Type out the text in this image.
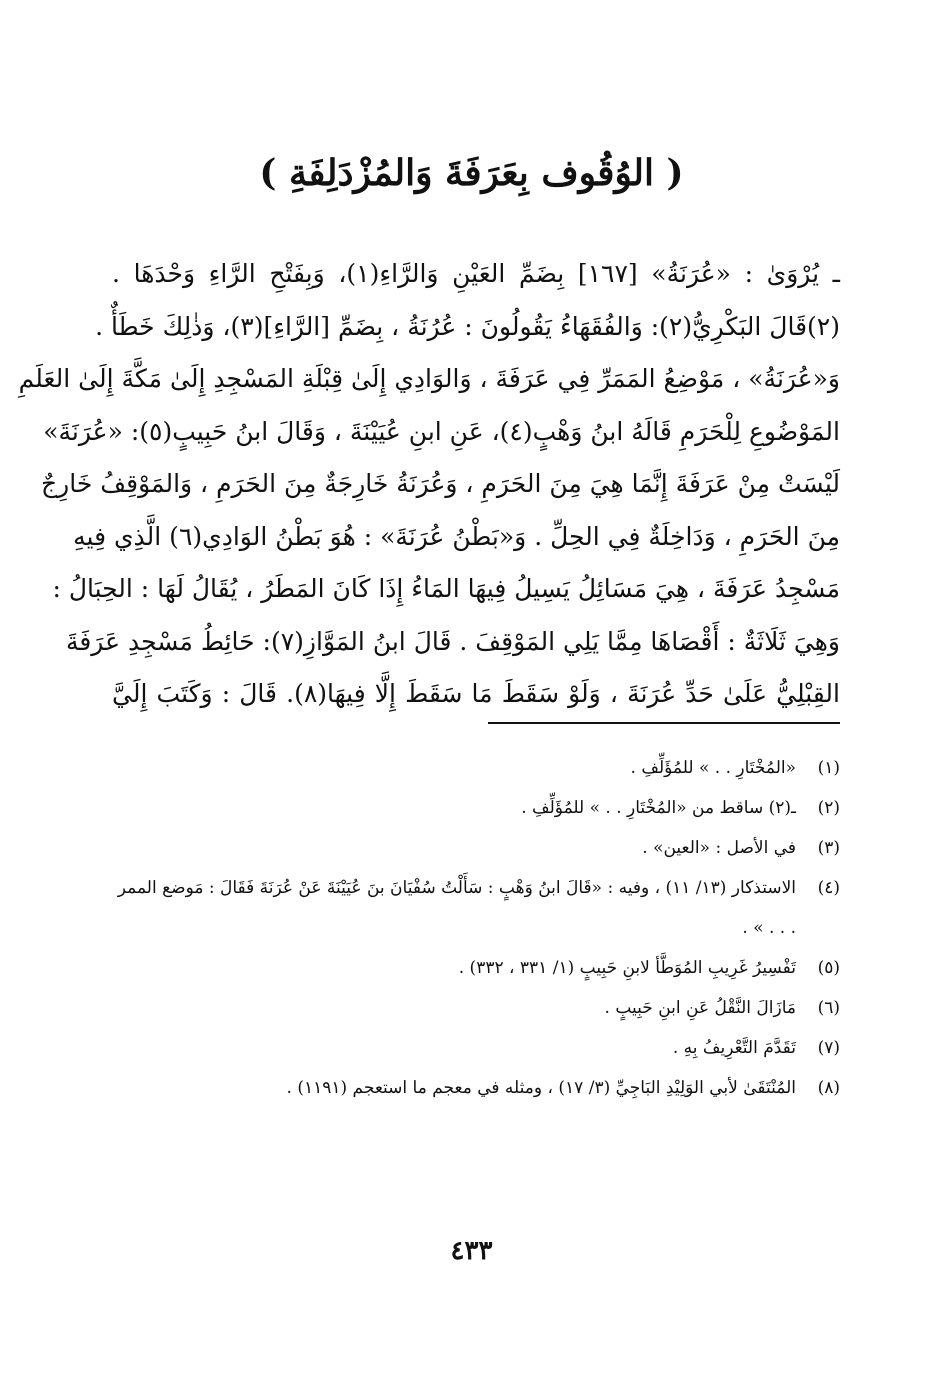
( الوُقُوف بِعَرَفَةَ وَالمُزْدَلِفَةِ )
ـ يُرْوَىٰ : «عُرَنَةُ» [١٦٧] بِضَمِّ العَيْنِ وَالرَّاءِ(١)، وَبِفَتْحِ الرَّاءِ وَحْدَهَا .
(٢)قَالَ البَكْرِيُّ(٢): وَالفُقَهَاءُ يَقُولُونَ : عُرُنَةُ ، بِضَمِّ [الرَّاءِ](٣)، وَذٰلِكَ خَطَأٌ .
وَ«عُرَنَةُ» ، مَوْضِعُ المَمَرِّ فِي عَرَفَةَ ، وَالوَادِي إِلَىٰ قِبْلَةِ المَسْجِدِ إِلَىٰ مَكَّةَ إِلَىٰ العَلَمِ
المَوْضُوعِ لِلْحَرَمِ قَالَهُ ابنُ وَهْبٍ(٤)، عَنِ ابنِ عُيَيْنَةَ ، وَقَالَ ابنُ حَبِيبٍ(٥): «عُرَنَةَ»
لَيْسَتْ مِنْ عَرَفَةَ إِنَّمَا هِيَ مِنَ الحَرَمِ ، وَعُرَنَةُ خَارِجَةٌ مِنَ الحَرَمِ ، وَالمَوْقِفُ خَارِجٌ
مِنَ الحَرَمِ ، وَدَاخِلَةٌ فِي الحِلِّ . وَ«بَطْنُ عُرَنَةَ» : هُوَ بَطْنُ الوَادِي(٦) الَّذِي فِيهِ
مَسْجِدُ عَرَفَةَ ، هِيَ مَسَائِلُ يَسِيلُ فِيهَا المَاءُ إِذَا كَانَ المَطَرُ ، يُقَالُ لَهَا : الحِبَالُ :
وَهِيَ ثَلَاثَةٌ : أَقْصَاهَا مِمَّا يَلِي المَوْقِفَ . قَالَ ابنُ المَوَّازِ(٧): حَائِطُ مَسْجِدِ عَرَفَةَ
القِبْلِيُّ عَلَىٰ حَدِّ عُرَنَةَ ، وَلَوْ سَقَطَ مَا سَقَطَ إِلَّا فِيهَا(٨). قَالَ : وَكَتَبَ إِلَيَّ
(١)
«المُخْتَارِ . . » للمُؤَلِّفِ .
(٢)
ـ(٢) ساقط من «المُخْتَارِ . . » للمُؤَلِّفِ .
(٣)
في الأصل : «العين» .
(٤)
الاستذكار (١٣/ ١١) ، وفيه : «قَالَ ابنُ وَهْبٍ : سَأَلْتُ سُفْيَانَ بنَ عُيَيْنَةَ عَنْ عُرَنَةَ فَقَالَ : مَوضع الممر . . . » .
(٥)
تَفْسِيرُ غَرِيبِ المُوَطَّأ لابنِ حَبِيبٍ (١/ ٣٣١ ، ٣٣٢) .
(٦)
مَازَالَ النَّقْلُ عَنِ ابنِ حَبِيبٍ .
(٧)
تَقَدَّمَ التَّعْرِيفُ بِهِ .
(٨)
المُنْتَقَىٰ لأبي الوَلِيْدِ البَاجِيِّ (٣/ ١٧) ، ومثله في معجم ما استعجم (١١٩١) .
٤٣٣
